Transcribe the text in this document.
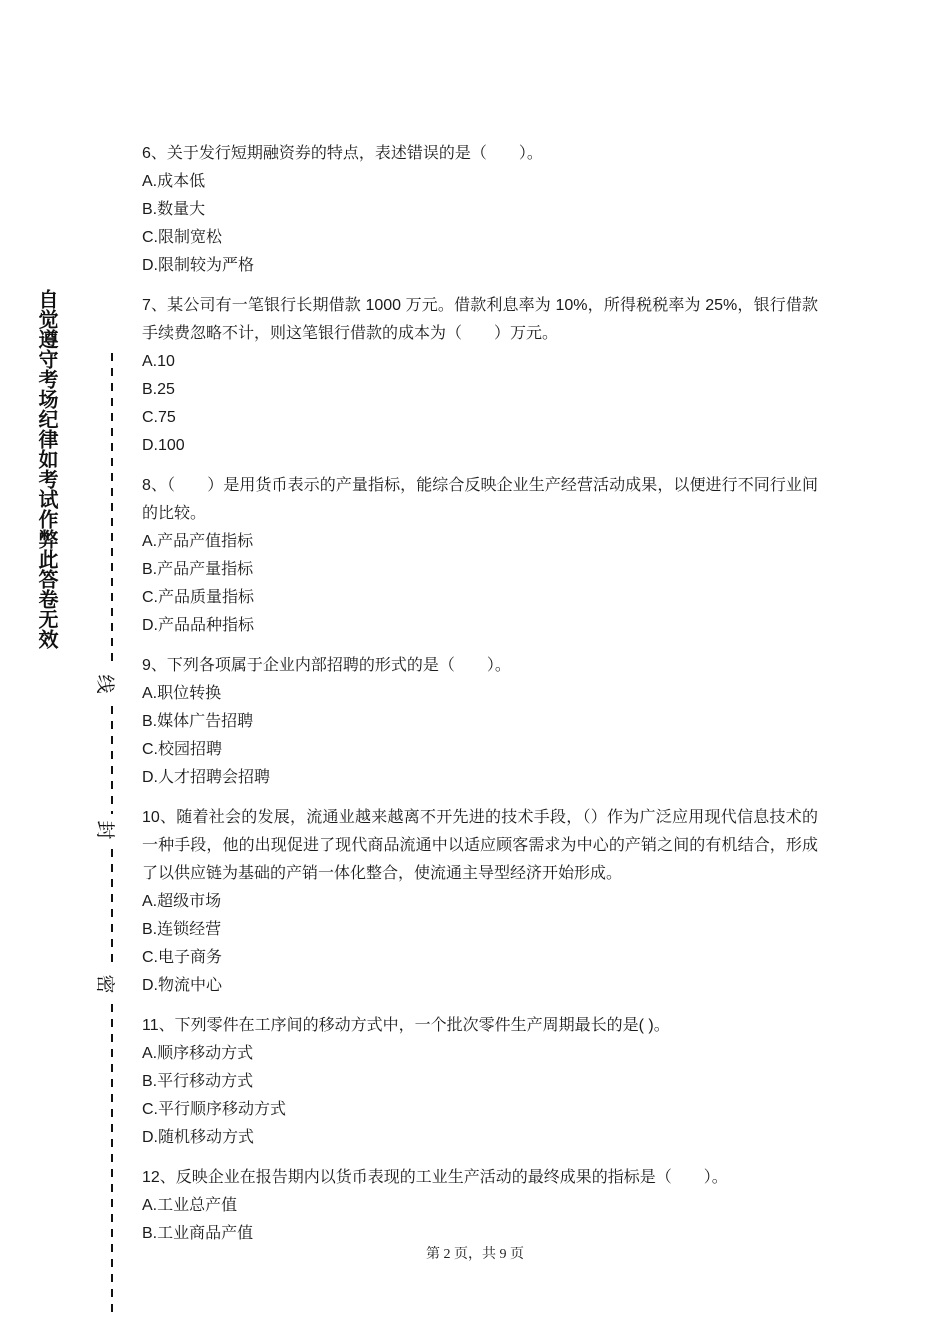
自觉遵守考场纪律如考试作弊此答卷无效
线
封
密

6、关于发行短期融资券的特点，表述错误的是（　　）。

A.成本低

B.数量大

C.限制宽松

D.限制较为严格

7、某公司有一笔银行长期借款 1000 万元。借款利息率为 10%，所得税税率为 25%，银行借款手续费忽略不计，则这笔银行借款的成本为（　　）万元。

A.10

B.25

C.75

D.100

8、（　　）是用货币表示的产量指标，能综合反映企业生产经营活动成果，以便进行不同行业间的比较。

A.产品产值指标

B.产品产量指标

C.产品质量指标

D.产品品种指标

9、下列各项属于企业内部招聘的形式的是（　　）。

A.职位转换

B.媒体广告招聘

C.校园招聘

D.人才招聘会招聘

10、随着社会的发展，流通业越来越离不开先进的技术手段，（）作为广泛应用现代信息技术的一种手段，他的出现促进了现代商品流通中以适应顾客需求为中心的产销之间的有机结合，形成了以供应链为基础的产销一体化整合，使流通主导型经济开始形成。

A.超级市场

B.连锁经营

C.电子商务

D.物流中心

11、下列零件在工序间的移动方式中，一个批次零件生产周期最长的是( )。

A.顺序移动方式

B.平行移动方式

C.平行顺序移动方式

D.随机移动方式

12、反映企业在报告期内以货币表现的工业生产活动的最终成果的指标是（　　）。

A.工业总产值

B.工业商品产值

第 2 页，共 9 页
